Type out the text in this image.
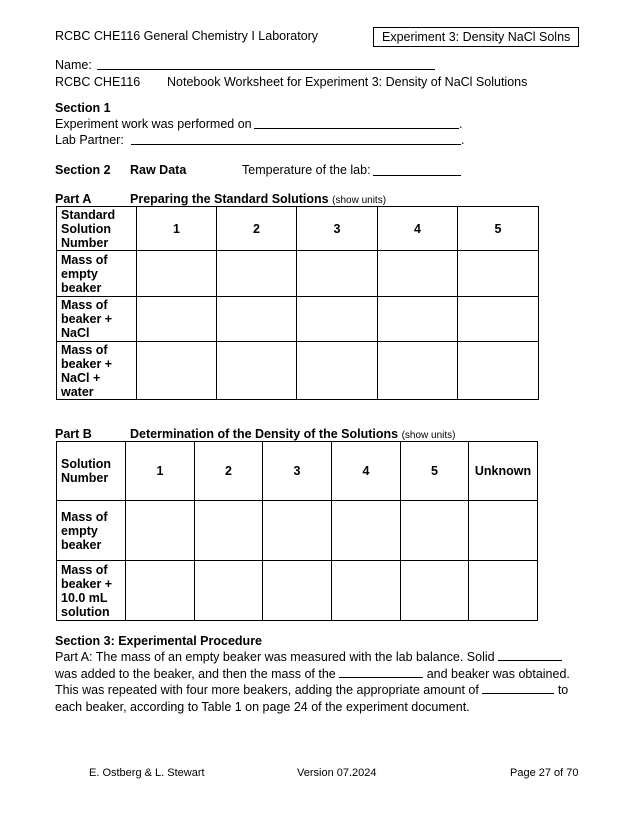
RCBC CHE116 General Chemistry I Laboratory	Experiment 3: Density NaCl Solns
Name:
RCBC CHE116 Notebook Worksheet for Experiment 3: Density of NaCl Solutions
Section 1
Experiment work was performed on	.
Lab Partner:	.
Section 2 Raw Data	Temperature of the lab:
Part A	Preparing the Standard Solutions (show units)
Standard
Solution
Number	1	2	3	4	5

Mass of
empty
beaker					

Mass of
beaker +
NaCl					

Mass of
beaker +
NaCl +
water					

Part B	Determination of the Density of the Solutions (show units)
Solution
Number	1	2	3	4	5	Unknown

Mass of
empty
beaker						

Mass of
beaker +
10.0 mL
solution						

Section 3: Experimental Procedure
Part A: The mass of an empty beaker was measured with the lab balance. Solid
was added to the beaker, and then the mass of the	and beaker was obtained.
This was repeated with four more beakers, adding the appropriate amount of	to
each beaker, according to Table 1 on page 24 of the experiment document.
E. Ostberg & L. Stewart	Version 07.2024	Page 27 of 70
